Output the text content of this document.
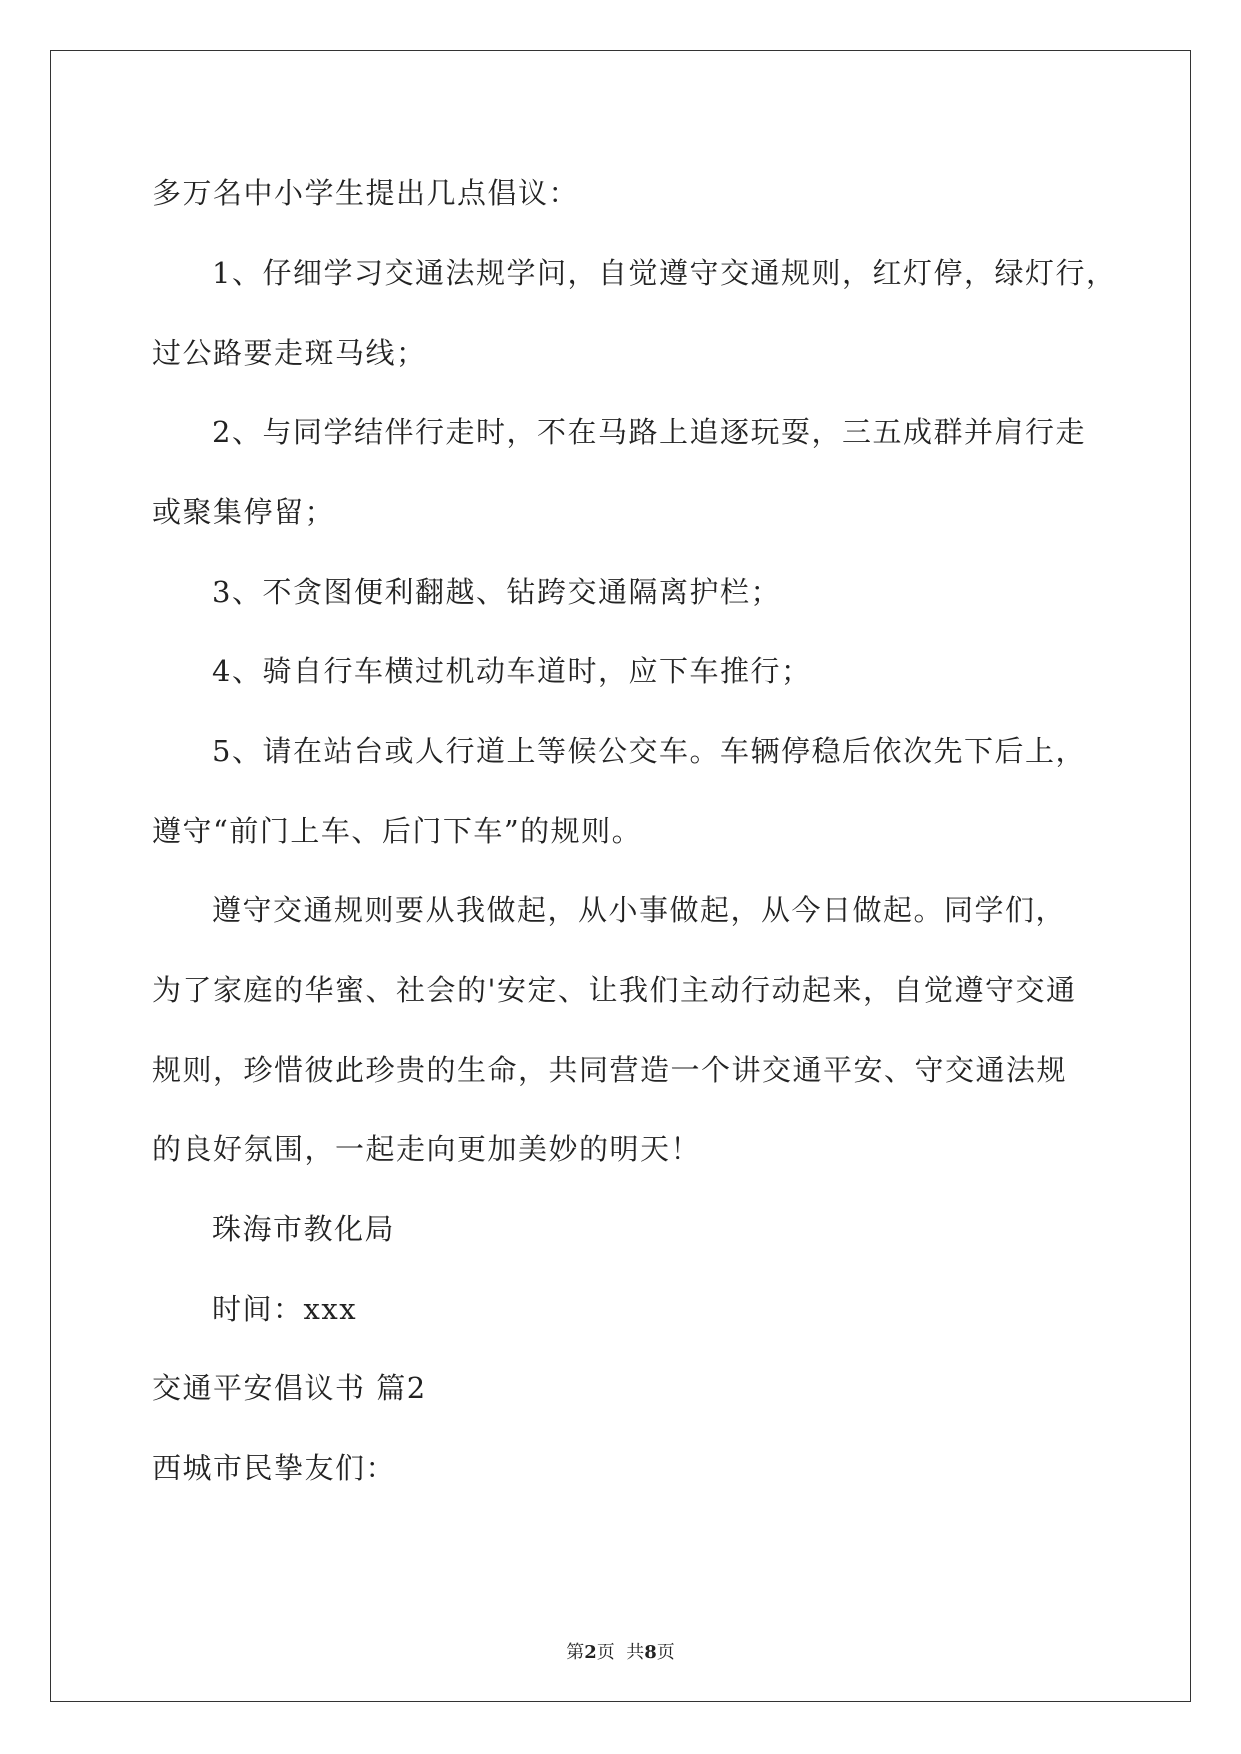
多万名中小学生提出几点倡议：
1、仔细学习交通法规学问，自觉遵守交通规则，红灯停，绿灯行，
过公路要走斑马线；
2、与同学结伴行走时，不在马路上追逐玩耍，三五成群并肩行走
或聚集停留；
3、不贪图便利翻越、钻跨交通隔离护栏；
4、骑自行车横过机动车道时，应下车推行；
5、请在站台或人行道上等候公交车。车辆停稳后依次先下后上，
遵守“前门上车、后门下车”的规则。
遵守交通规则要从我做起，从小事做起，从今日做起。同学们，
为了家庭的华蜜、社会的'安定、让我们主动行动起来，自觉遵守交通
规则，珍惜彼此珍贵的生命，共同营造一个讲交通平安、守交通法规
的良好氛围，一起走向更加美妙的明天！
珠海市教化局
时间：xxx
交通平安倡议书 篇2
西城市民挚友们：
第2页  共8页
